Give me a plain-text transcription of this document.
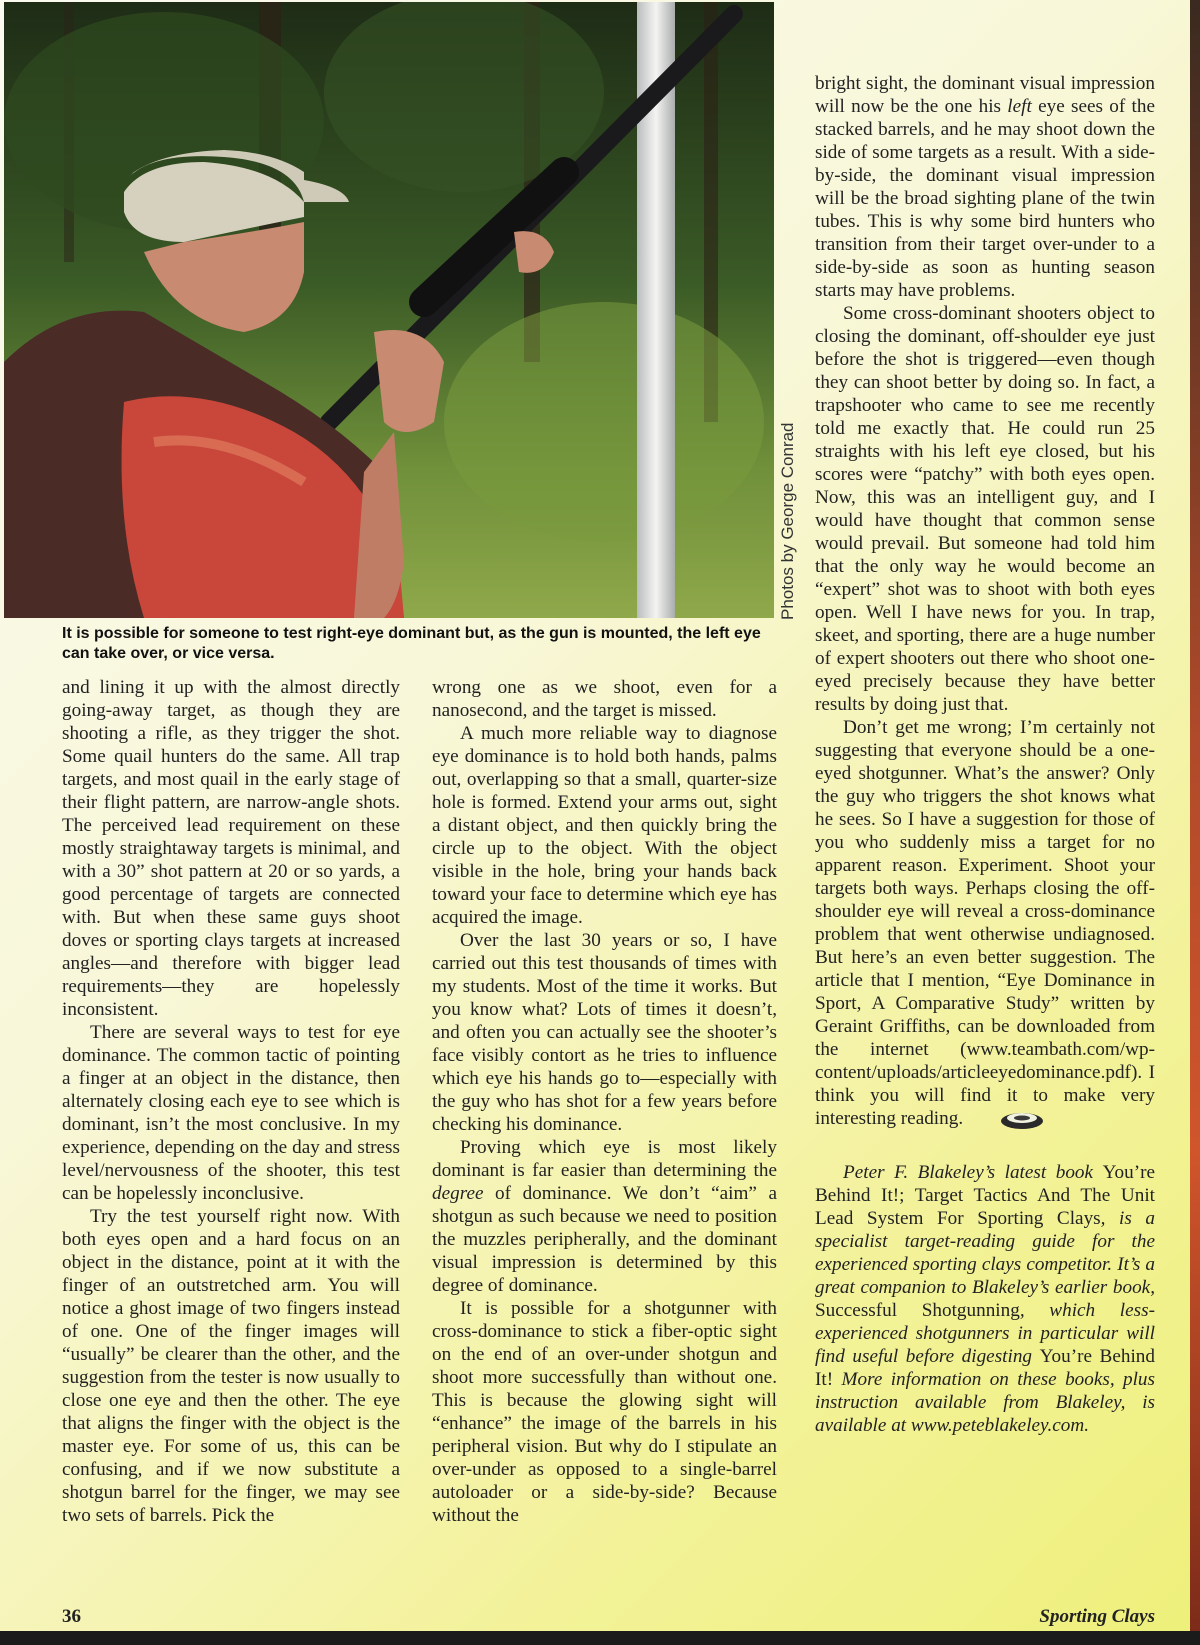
Photos by George Conrad
It is possible for someone to test right-eye dominant but, as the gun is mounted, the left eye can take over, or vice versa.

and lining it up with the almost directly going-away target, as though they are shooting a rifle, as they trigger the shot. Some quail hunters do the same. All trap targets, and most quail in the early stage of their flight pattern, are narrow-angle shots. The perceived lead requirement on these mostly straightaway targets is minimal, and with a 30” shot pattern at 20 or so yards, a good percentage of targets are connected with. But when these same guys shoot doves or sporting clays targets at increased angles—and therefore with bigger lead requirements—they are hopelessly inconsistent.

There are several ways to test for eye dominance. The common tactic of pointing a finger at an object in the distance, then alternately closing each eye to see which is dominant, isn’t the most conclusive. In my experience, depending on the day and stress level/nervousness of the shooter, this test can be hopelessly inconclusive.

Try the test yourself right now. With both eyes open and a hard focus on an object in the distance, point at it with the finger of an outstretched arm. You will notice a ghost image of two fingers instead of one. One of the finger images will “usually” be clearer than the other, and the suggestion from the tester is now usually to close one eye and then the other. The eye that aligns the finger with the object is the master eye. For some of us, this can be confusing, and if we now substitute a shotgun barrel for the finger, we may see two sets of barrels. Pick the

wrong one as we shoot, even for a nanosecond, and the target is missed.

A much more reliable way to diagnose eye dominance is to hold both hands, palms out, overlapping so that a small, quarter-size hole is formed. Extend your arms out, sight a distant object, and then quickly bring the circle up to the object. With the object visible in the hole, bring your hands back toward your face to determine which eye has acquired the image.

Over the last 30 years or so, I have carried out this test thousands of times with my students. Most of the time it works. But you know what? Lots of times it doesn’t, and often you can actually see the shooter’s face visibly contort as he tries to influence which eye his hands go to—especially with the guy who has shot for a few years before checking his dominance.

Proving which eye is most likely dominant is far easier than determining the degree of dominance. We don’t “aim” a shotgun as such because we need to position the muzzles peripherally, and the dominant visual impression is determined by this degree of dominance.

It is possible for a shotgunner with cross-dominance to stick a fiber-optic sight on the end of an over-under shotgun and shoot more successfully than without one. This is because the glowing sight will “enhance” the image of the barrels in his peripheral vision. But why do I stipulate an over-under as opposed to a single-barrel autoloader or a side-by-side? Because without the

bright sight, the dominant visual impression will now be the one his left eye sees of the stacked barrels, and he may shoot down the side of some targets as a result. With a side-by-side, the dominant visual impression will be the broad sighting plane of the twin tubes. This is why some bird hunters who transition from their target over-under to a side-by-side as soon as hunting season starts may have problems.

Some cross-dominant shooters object to closing the dominant, off-shoulder eye just before the shot is triggered—even though they can shoot better by doing so. In fact, a trapshooter who came to see me recently told me exactly that. He could run 25 straights with his left eye closed, but his scores were “patchy” with both eyes open. Now, this was an intelligent guy, and I would have thought that common sense would prevail. But someone had told him that the only way he would become an “expert” shot was to shoot with both eyes open. Well I have news for you. In trap, skeet, and sporting, there are a huge number of expert shooters out there who shoot one-eyed precisely because they have better results by doing just that.

Don’t get me wrong; I’m certainly not suggesting that everyone should be a one-eyed shotgunner. What’s the answer? Only the guy who triggers the shot knows what he sees. So I have a suggestion for those of you who suddenly miss a target for no apparent reason. Experiment. Shoot your targets both ways. Perhaps closing the off-shoulder eye will reveal a cross-dominance problem that went otherwise undiagnosed. But here’s an even better suggestion. The article that I mention, “Eye Dominance in Sport, A Comparative Study” written by Geraint Griffiths, can be downloaded from the internet (www.teambath.com/wp-content/uploads/articleeyedominance.pdf). I think you will find it to make very interesting reading.

Peter F. Blakeley’s latest book You’re Behind It!; Target Tactics And The Unit Lead System For Sporting Clays, is a specialist target-reading guide for the experienced sporting clays competitor. It’s a great companion to Blakeley’s earlier book, Successful Shotgunning, which less-experienced shotgunners in particular will find useful before digesting You’re Behind It! More information on these books, plus instruction available from Blakeley, is available at www.peteblakeley.com.

36	Sporting Clays
